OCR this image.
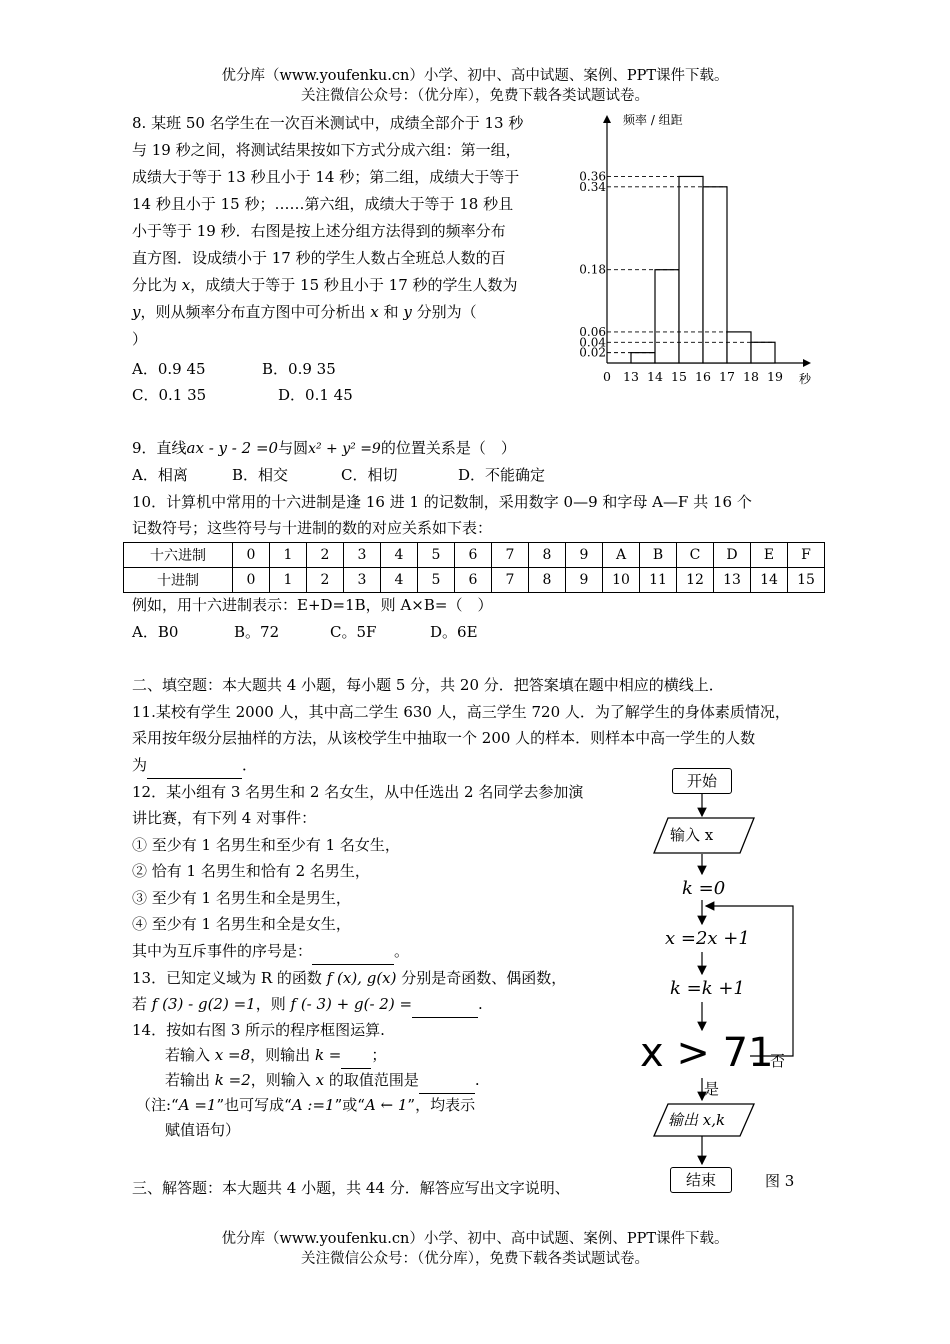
优分库（www.youfenku.cn）小学、初中、高中试题、案例、PPT课件下载。
关注微信公众号：（优分库），免费下载各类试题试卷。
8. 某班 50 名学生在一次百米测试中，成绩全部介于 13 秒
与 19 秒之间，将测试结果按如下方式分成六组：第一组，
成绩大于等于 13 秒且小于 14 秒；第二组，成绩大于等于
14 秒且小于 15 秒；……第六组，成绩大于等于 18 秒且
小于等于 19 秒．右图是按上述分组方法得到的频率分布
直方图．设成绩小于 17 秒的学生人数占全班总人数的百
分比为 x，成绩大于等于 15 秒且小于 17 秒的学生人数为
y，则从频率分布直方图中可分析出 x 和 y 分别为（
）
A．0.9 45	B．0.9 35
C．0.1 35	D．0.1 45
频率 / 组距
秒
0 13 14 15 16 17 18 19
0.02
0.04
0.06
0.18
0.34
0.36
9．直线ax - y - 2 =0与圆x² + y² =9的位置关系是（　）
A．相离	B．相交	C．相切	D．不能确定
10．计算机中常用的十六进制是逢 16 进 1 的记数制，采用数字 0—9 和字母 A—F 共 16 个
记数符号；这些符号与十进制的数的对应关系如下表：
十六进制	0	1	2	3	4	5	6	7	8	9	A	B	C	D	E	F
十进制	0	1	2	3	4	5	6	7	8	9	10	11	12	13	14	15
例如，用十六进制表示：E+D=1B，则 A×B=（　）
A．B0	B。72	C。5F	D。6E
二、填空题：本大题共 4 小题，每小题 5 分，共 20 分．把答案填在题中相应的横线上．
11.某校有学生 2000 人，其中高二学生 630 人，高三学生 720 人．为了解学生的身体素质情况，
采用按年级分层抽样的方法，从该校学生中抽取一个 200 人的样本．则样本中高一学生的人数
为	．
12．某小组有 3 名男生和 2 名女生，从中任选出 2 名同学去参加演
讲比赛，有下列 4 对事件：
① 至少有 1 名男生和至少有 1 名女生，
② 恰有 1 名男生和恰有 2 名男生，
③ 至少有 1 名男生和全是男生，
④ 至少有 1 名男生和全是女生，
其中为互斥事件的序号是：	。
13．已知定义域为 R 的函数 f (x), g(x) 分别是奇函数、偶函数，
若 f (3) - g(2) =1，则 f (- 3) + g(- 2) =	.
14．按如右图 3 所示的程序框图运算.
若输入 x =8，则输出 k = ；
若输出 k =2，则输入 x 的取值范围是	.
（注:“A =1”也可写成“A :=1”或“A ← 1”，均表示
赋值语句）
三、解答题：本大题共 4 小题，共 44 分．解答应写出文字说明、
开始
输入 x
k =0
x =2x +1
k =k +1
x > 71
否
是
输出 x,k
结束	图 3
优分库（www.youfenku.cn）小学、初中、高中试题、案例、PPT课件下载。
关注微信公众号：（优分库），免费下载各类试题试卷。
